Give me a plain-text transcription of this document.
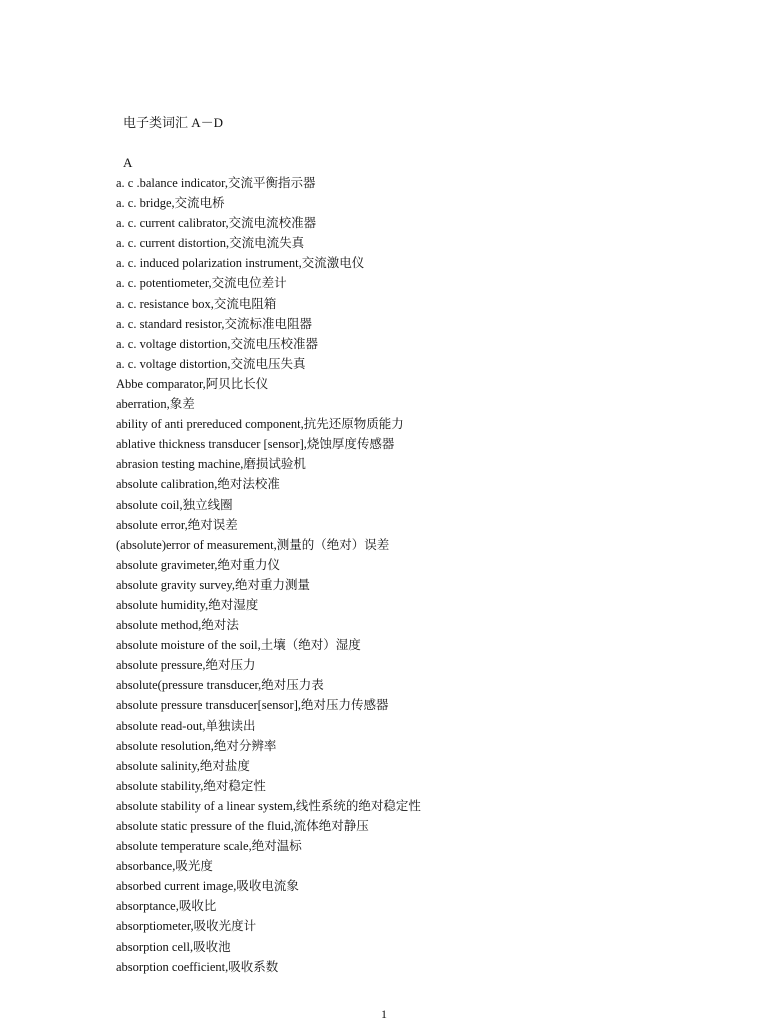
电子类词汇 A－D
A
a. c .balance indicator,交流平衡指示器
a. c. bridge,交流电桥
a. c. current calibrator,交流电流校准器
a. c. current distortion,交流电流失真
a. c. induced polarization instrument,交流激电仪
a. c. potentiometer,交流电位差计
a. c. resistance box,交流电阻箱
a. c. standard resistor,交流标准电阻器
a. c. voltage distortion,交流电压校准器
a. c. voltage distortion,交流电压失真
Abbe comparator,阿贝比长仪
aberration,象差
ability of anti prereduced component,抗先还原物质能力
ablative thickness transducer [sensor],烧蚀厚度传感器
abrasion testing machine,磨损试验机
absolute calibration,绝对法校准
absolute coil,独立线圈
absolute error,绝对误差
(absolute)error of measurement,测量的（绝对）误差
absolute gravimeter,绝对重力仪
absolute gravity survey,绝对重力测量
absolute humidity,绝对湿度
absolute method,绝对法
absolute moisture of the soil,土壤（绝对）湿度
absolute pressure,绝对压力
absolute(pressure transducer,绝对压力表
absolute pressure transducer[sensor],绝对压力传感器
absolute read-out,单独读出
absolute resolution,绝对分辨率
absolute salinity,绝对盐度
absolute stability,绝对稳定性
absolute stability of a linear system,线性系统的绝对稳定性
absolute static pressure of the fluid,流体绝对静压
absolute temperature scale,绝对温标
absorbance,吸光度
absorbed current image,吸收电流象
absorptance,吸收比
absorptiometer,吸收光度计
absorption cell,吸收池
absorption coefficient,吸收系数
1
